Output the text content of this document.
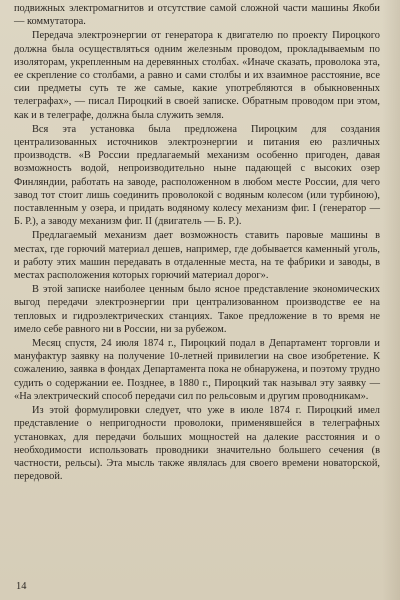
подвижных электромагнитов и отсутствие самой сложной части машины Якоби — коммутатора.

Передача электроэнергии от генератора к двигателю по проекту Пироцкого должна была осуществляться одним железным проводом, прокладываемым по изоляторам, укрепленным на деревянных столбах. «Иначе сказать, проволока эта, ее скрепление со столбами, а равно и сами столбы и их взаимное расстояние, все сии предметы суть те же самые, какие употребляются в обыкновенных телеграфах», — писал Пироцкий в своей записке. Обратным проводом при этом, как и в телеграфе, должна была служить земля.

Вся эта установка была предложена Пироцким для создания централизованных источников электроэнергии и питания ею различных производств. «В России предлагаемый механизм особенно пригоден, давая возможность водой, непроизводительно ныне падающей с высоких озер Финляндии, работать на заводе, расположенном в любом месте России, для чего завод тот стоит лишь соединить проволокой с водяным колесом (или турбиною), поставленным у озера, и придать водяному колесу механизм фиг. I (генератор — Б. Р.), а заводу механизм фиг. II (двигатель — Б. Р.).

Предлагаемый механизм дает возможность ставить паровые машины в местах, где горючий материал дешев, например, где добывается каменный уголь, и работу этих машин передавать в отдаленные места, на те фабрики и заводы, в местах расположения которых горючий материал дорог».

В этой записке наиболее ценным было ясное представление экономических выгод передачи электроэнергии при централизованном производстве ее на тепловых и гидроэлектрических станциях. Такое предложение в то время не имело себе равного ни в России, ни за рубежом.

Месяц спустя, 24 июля 1874 г., Пироцкий подал в Департамент торговли и мануфактур заявку на получение 10-летней привилегии на свое изобретение. К сожалению, заявка в фондах Департамента пока не обнаружена, и поэтому трудно судить о содержании ее. Позднее, в 1880 г., Пироцкий так называл эту заявку — «На электрический способ передачи сил по рельсовым и другим проводникам».

Из этой формулировки следует, что уже в июле 1874 г. Пироцкий имел представление о непригодности проволоки, применявшейся в телеграфных установках, для передачи больших мощностей на далекие расстояния и о необходимости использовать проводники значительно большего сечения (в частности, рельсы). Эта мысль также являлась для своего времени новаторской, передовой.

14
